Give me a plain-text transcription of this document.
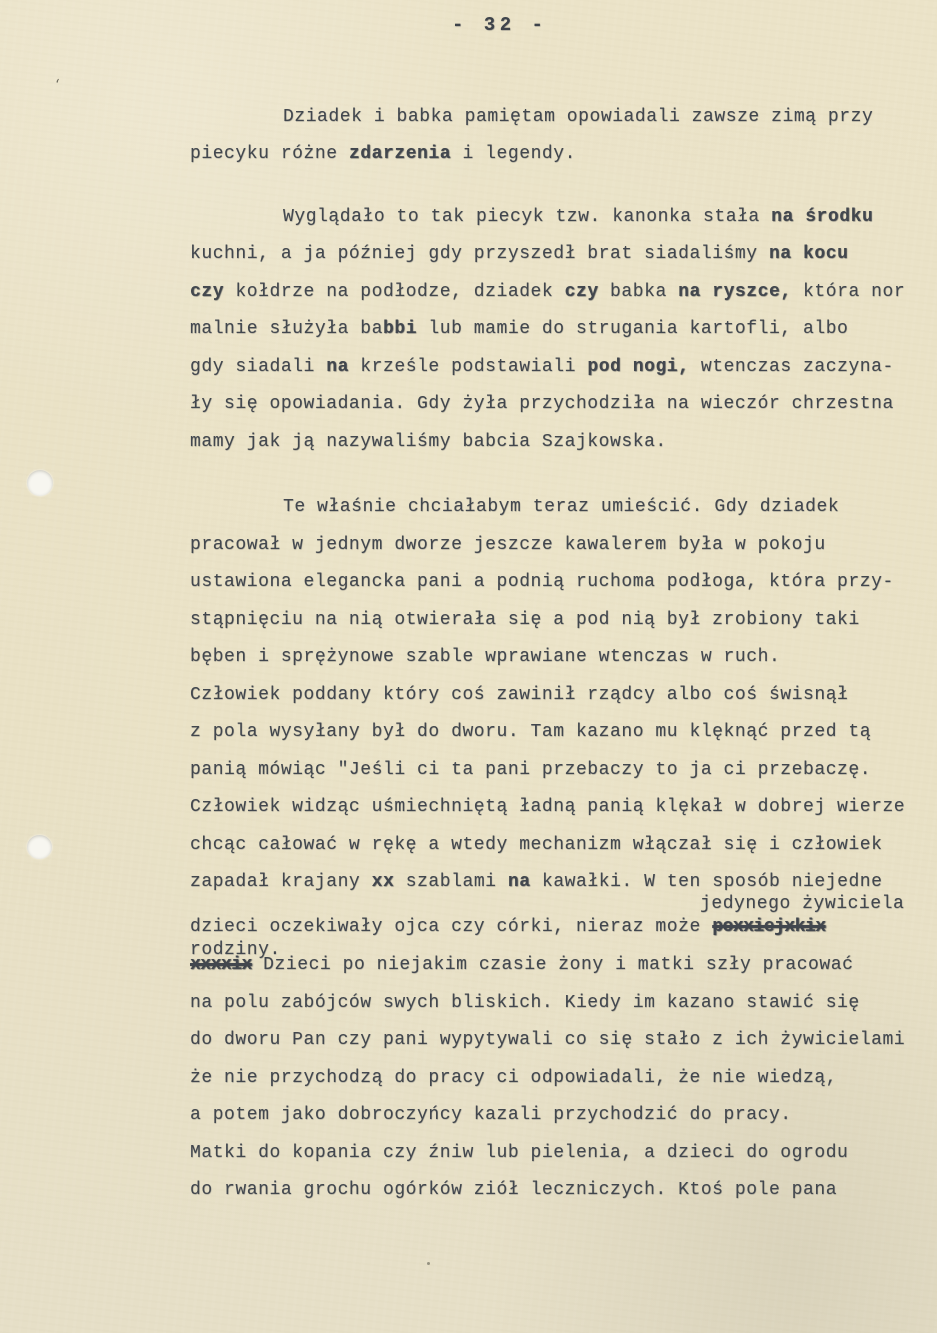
- 32 -
ʻ
Dziadek i babka pamiętam opowiadali zawsze zimą przy
piecyku różne zdarzenia i legendy.
Wyglądało to tak piecyk tzw. kanonka stała na środku
kuchni, a ja później gdy przyszedł brat siadaliśmy na kocu
czy kołdrze na podłodze, dziadek czy babka na ryszce, która nor
malnie służyła ba bbi lub mamie do strugania kartofli, albo
gdy siadali na krześle podstawiali pod nogi, wtenczas zaczyna-
ły się opowiadania. Gdy żyła przychodziła na wieczór chrzestna
mamy jak ją nazywaliśmy babcia Szajkowska.
Te właśnie chciałabym teraz umieścić. Gdy dziadek
pracował w jednym dworze jeszcze kawalerem była w pokoju
ustawiona elegancka pani a podnią ruchoma podłoga, która przy-
stąpnięciu na nią otwierała się a pod nią był zrobiony taki
bęben i sprężynowe szable wprawiane wtenczas w ruch.
Człowiek poddany który coś zawinił rządcy albo coś świsnął
z pola wysyłany był do dworu. Tam kazano mu klęknąć przed tą
panią mówiąc "Jeśli ci ta pani przebaczy to ja ci przebaczę.
Człowiek widząc uśmiechniętą ładną panią klękał w dobrej wierze
chcąc całować w rękę a wtedy mechanizm włączał się i człowiek
zapadał krajany xx szablami na kawałki. W ten sposób niejedne
jedynego żywiciela
dzieci oczekiwały ojca czy córki, nieraz może poxxiejxkix
rodziny.
xxxxix Dzieci po niejakim czasie żony i matki szły pracować
na polu zabójców swych bliskich. Kiedy im kazano stawić się
do dworu Pan czy pani wypytywali co się stało z ich żywicielami
że nie przychodzą do pracy ci odpowiadali, że nie wiedzą,
a potem jako dobroczyńcy kazali przychodzić do pracy.
Matki do kopania czy źniw lub pielenia, a dzieci do ogrodu
do rwania grochu ogórków ziół leczniczych. Ktoś pole pana
